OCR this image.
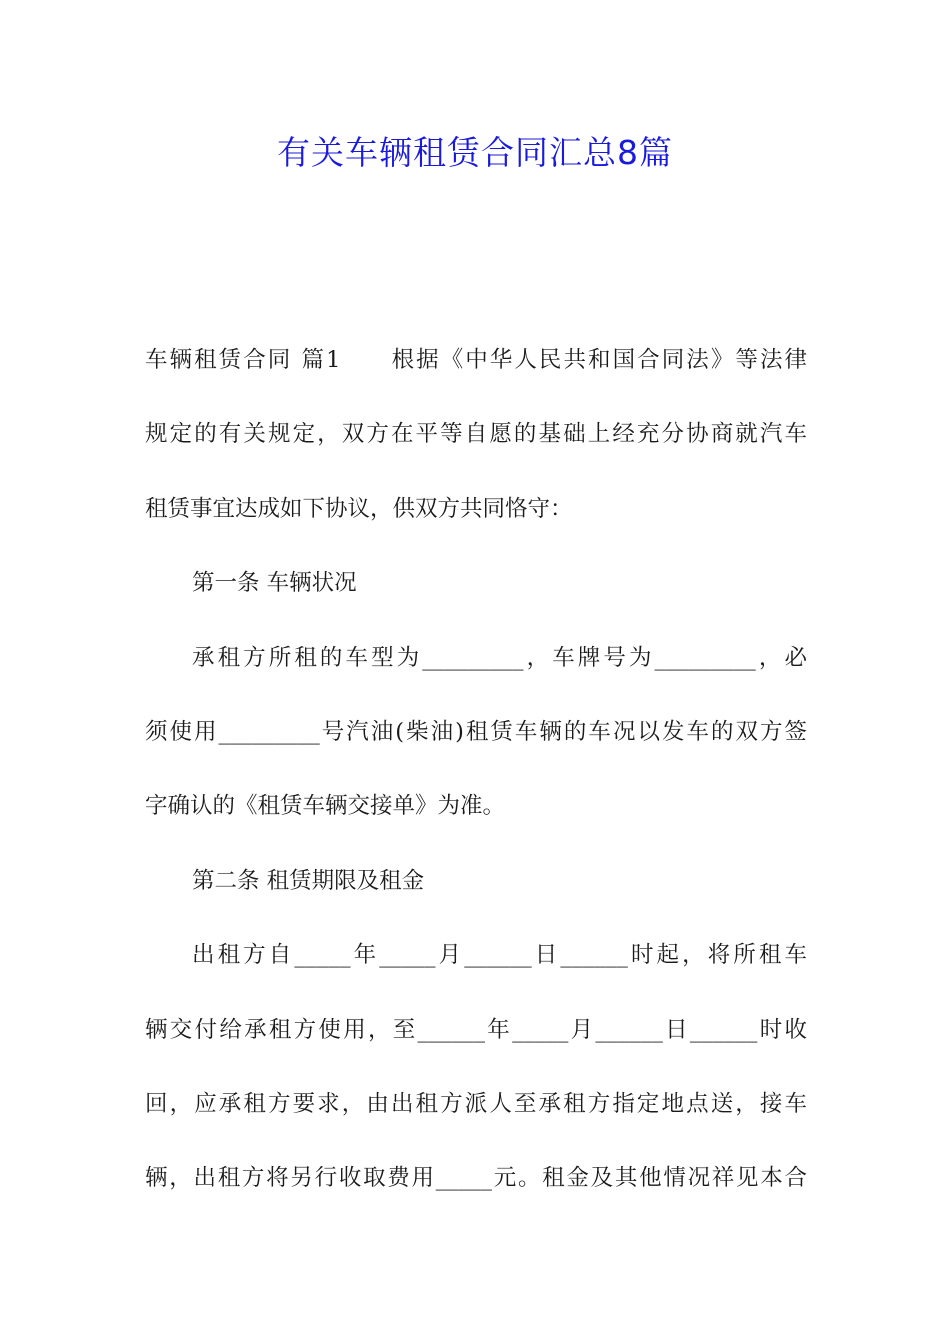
有关车辆租赁合同汇总8篇
车辆租赁合同 篇1　　根据《中华人民共和国合同法》等法律
规定的有关规定，双方在平等自愿的基础上经充分协商就汽车
租赁事宜达成如下协议，供双方共同恪守：
第一条 车辆状况
承租方所租的车型为_________，车牌号为_________，必
须使用_________号汽油(柴油)租赁车辆的车况以发车的双方签
字确认的《租赁车辆交接单》为准。
第二条 租赁期限及租金
出租方自_____年_____月______日______时起，将所租车
辆交付给承租方使用，至______年_____月______日______时收
回，应承租方要求，由出租方派人至承租方指定地点送，接车
辆，出租方将另行收取费用_____元。租金及其他情况祥见本合
